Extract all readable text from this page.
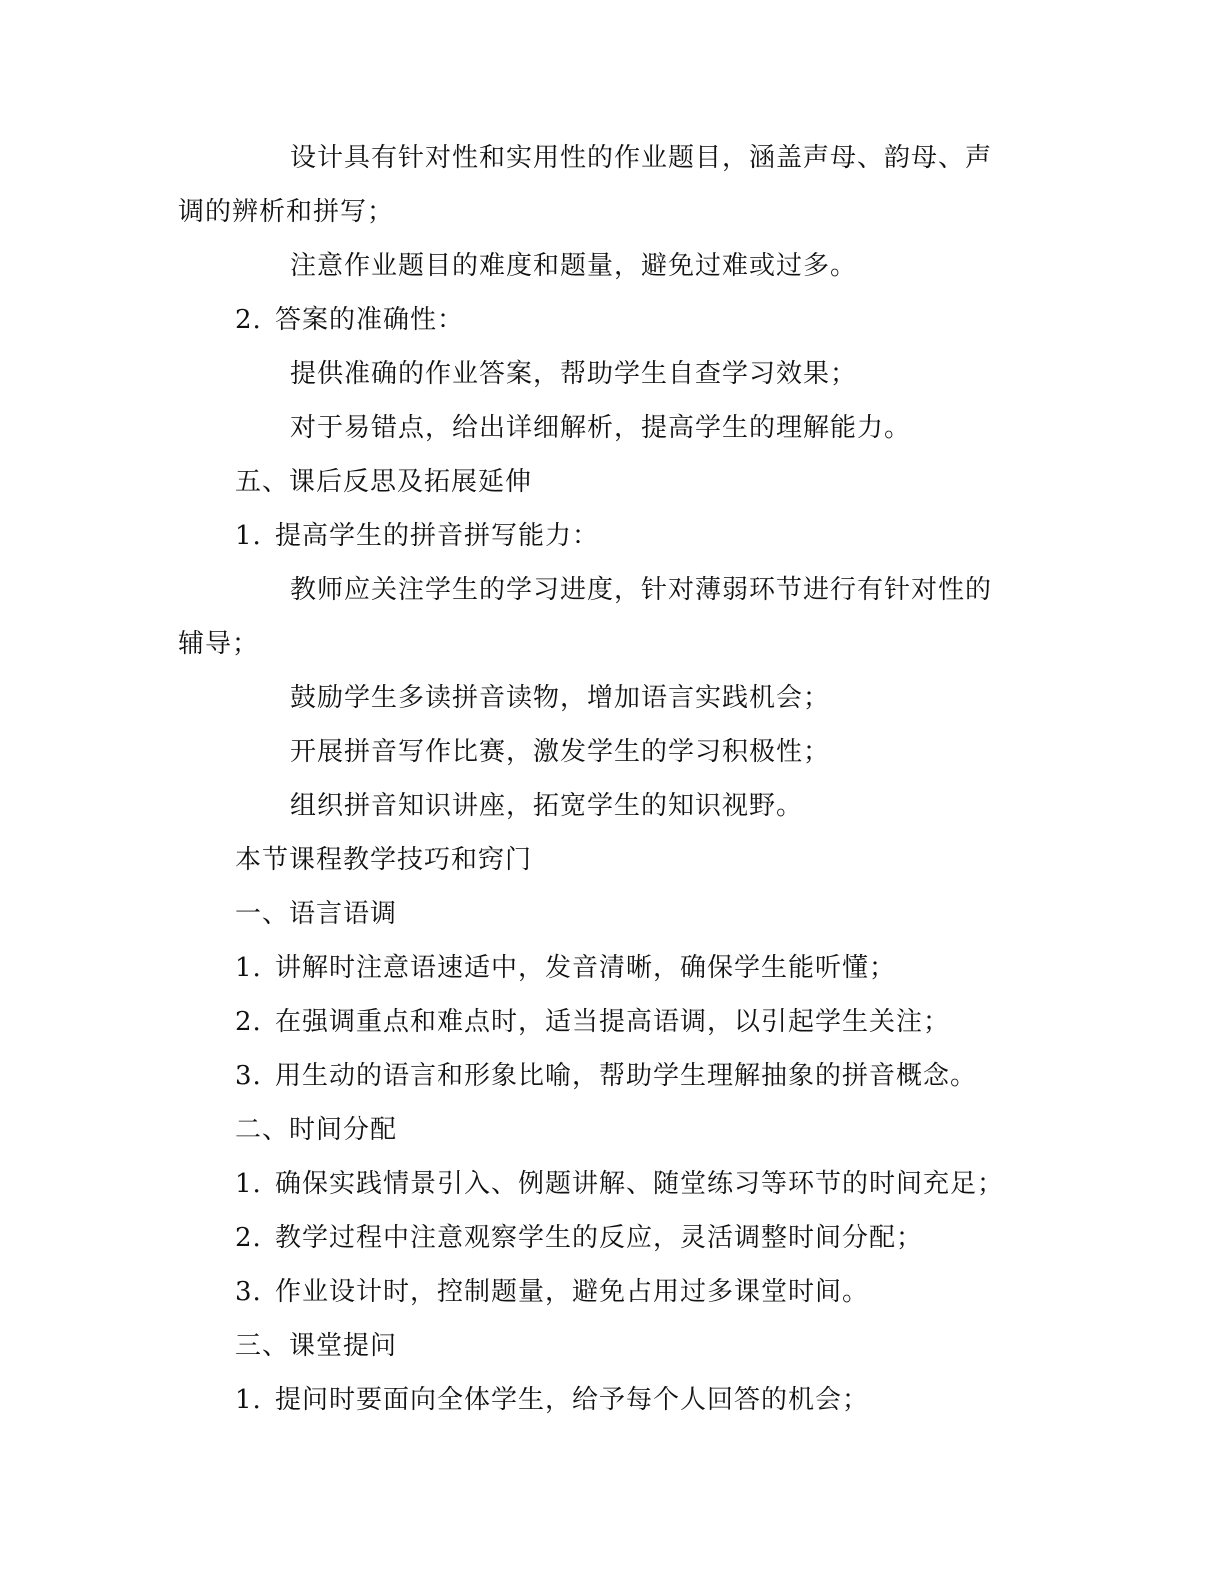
设计具有针对性和实用性的作业题目，涵盖声母、韵母、声
调的辨析和拼写；
注意作业题目的难度和题量，避免过难或过多。
2. 答案的准确性：
提供准确的作业答案，帮助学生自查学习效果；
对于易错点，给出详细解析，提高学生的理解能力。
五、课后反思及拓展延伸
1. 提高学生的拼音拼写能力：
教师应关注学生的学习进度，针对薄弱环节进行有针对性的
辅导；
鼓励学生多读拼音读物，增加语言实践机会；
开展拼音写作比赛，激发学生的学习积极性；
组织拼音知识讲座，拓宽学生的知识视野。
本节课程教学技巧和窍门
一、语言语调
1. 讲解时注意语速适中，发音清晰，确保学生能听懂；
2. 在强调重点和难点时，适当提高语调，以引起学生关注；
3. 用生动的语言和形象比喻，帮助学生理解抽象的拼音概念。
二、时间分配
1. 确保实践情景引入、例题讲解、随堂练习等环节的时间充足；
2. 教学过程中注意观察学生的反应，灵活调整时间分配；
3. 作业设计时，控制题量，避免占用过多课堂时间。
三、课堂提问
1. 提问时要面向全体学生，给予每个人回答的机会；
